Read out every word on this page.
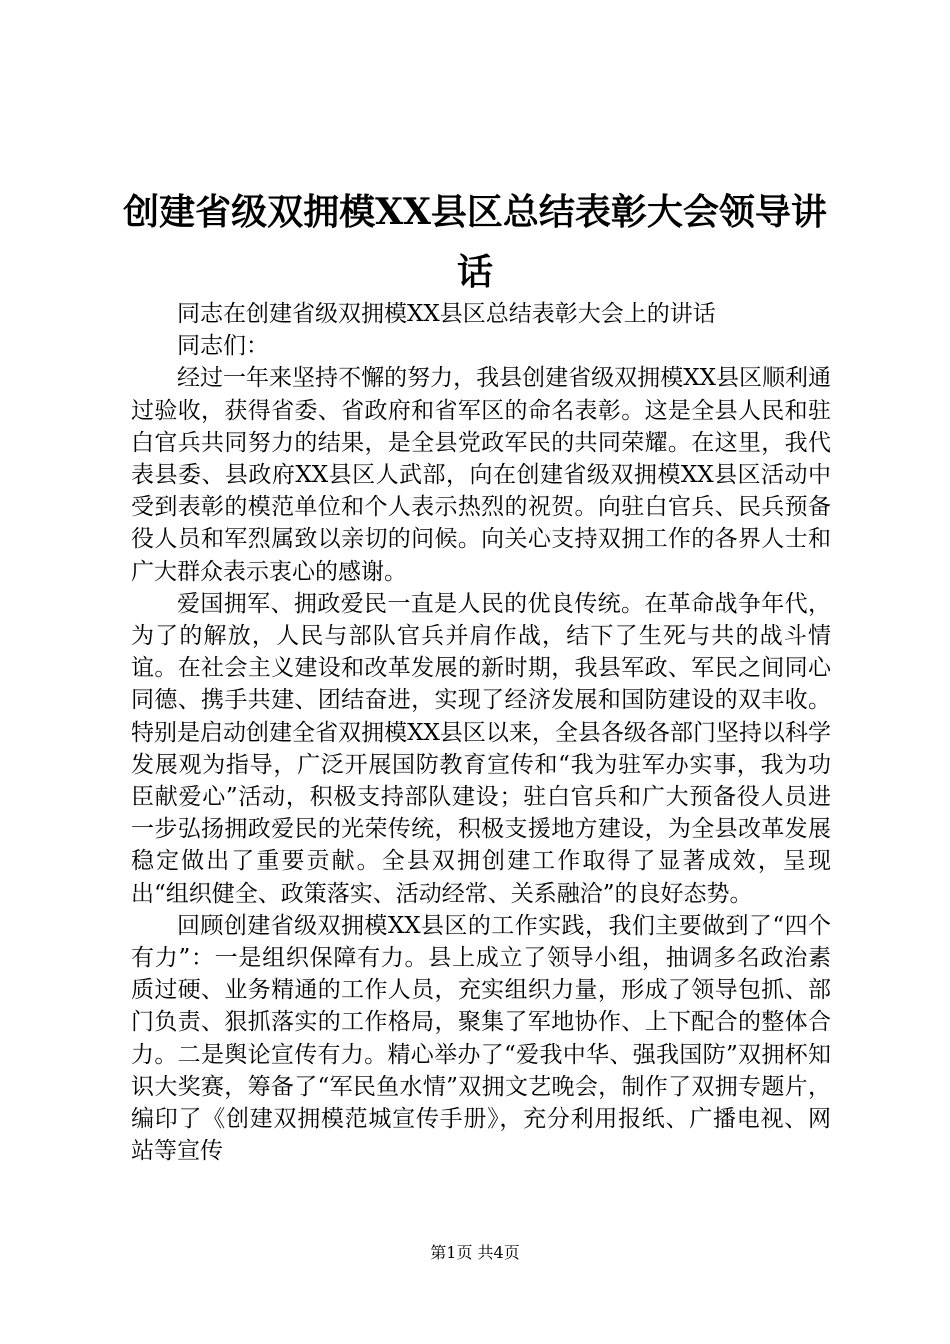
创建省级双拥模XX县区总结表彰大会领导讲话

同志在创建省级双拥模XX县区总结表彰大会上的讲话

同志们：

经过一年来坚持不懈的努力，我县创建省级双拥模XX县区顺利通过验收，获得省委、省政府和省军区的命名表彰。这是全县人民和驻白官兵共同努力的结果，是全县党政军民的共同荣耀。在这里，我代表县委、县政府XX县区人武部，向在创建省级双拥模XX县区活动中受到表彰的模范单位和个人表示热烈的祝贺。向驻白官兵、民兵预备役人员和军烈属致以亲切的问候。向关心支持双拥工作的各界人士和广大群众表示衷心的感谢。

爱国拥军、拥政爱民一直是人民的优良传统。在革命战争年代，为了的解放，人民与部队官兵并肩作战，结下了生死与共的战斗情谊。在社会主义建设和改革发展的新时期，我县军政、军民之间同心同德、携手共建、团结奋进，实现了经济发展和国防建设的双丰收。特别是启动创建全省双拥模XX县区以来，全县各级各部门坚持以科学发展观为指导，广泛开展国防教育宣传和“我为驻军办实事，我为功臣献爱心”活动，积极支持部队建设；驻白官兵和广大预备役人员进一步弘扬拥政爱民的光荣传统，积极支援地方建设，为全县改革发展稳定做出了重要贡献。全县双拥创建工作取得了显著成效，呈现出“组织健全、政策落实、活动经常、关系融洽”的良好态势。

回顾创建省级双拥模XX县区的工作实践，我们主要做到了“四个有力”：一是组织保障有力。县上成立了领导小组，抽调多名政治素质过硬、业务精通的工作人员，充实组织力量，形成了领导包抓、部门负责、狠抓落实的工作格局，聚集了军地协作、上下配合的整体合力。二是舆论宣传有力。精心举办了“爱我中华、强我国防”双拥杯知识大奖赛，筹备了“军民鱼水情”双拥文艺晚会，制作了双拥专题片，编印了《创建双拥模范城宣传手册》，充分利用报纸、广播电视、网站等宣传

第1页 共4页
